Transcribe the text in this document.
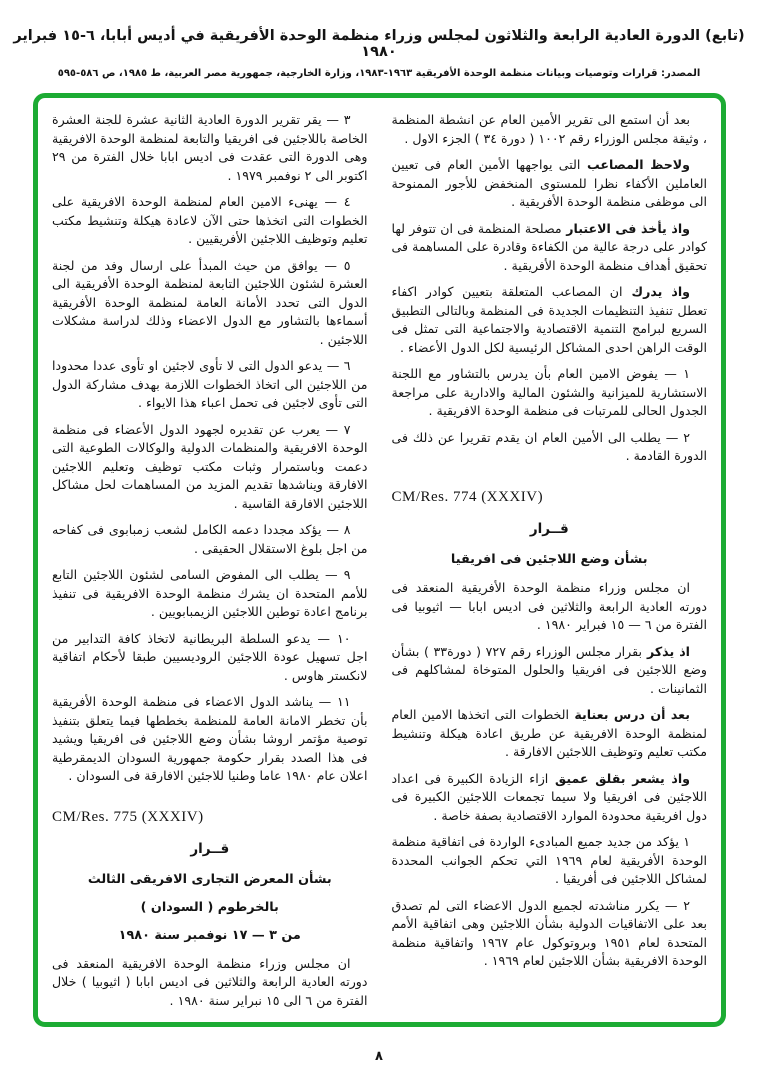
(تابع) الدورة العادية الرابعة والثلاثون لمجلس وزراء منظمة الوحدة الأفريقية في أديس أبابا، ٦-١٥ فبراير ١٩٨٠
المصدر: قرارات وتوصيات وبيانات منظمة الوحدة الأفريقية ١٩٦٣-١٩٨٣، وزارة الخارجية، جمهورية مصر العربية، ط ١٩٨٥، ص ٥٨٦-٥٩٥
بعد أن استمع الى تقرير الأمين العام عن انشطة المنظمة ، وثيقة مجلس الوزراء رقم ١٠٠٢ ( دورة ٣٤ ) الجزء الاول .
ولاحظ المصاعب التى يواجهها الأمين العام فى تعيين العاملين الأكفاء نظرا للمستوى المنخفض للأجور الممنوحة الى موظفى منظمة الوحدة الأفريقية .
واذ يأخذ فى الاعتبار مصلحة المنظمة فى ان تتوفر لها كوادر على درجة عالية من الكفاءة وقادرة على المساهمة فى تحقيق أهداف منظمة الوحدة الأفريقية .
واذ يدرك ان المصاعب المتعلقة بتعيين كوادر اكفاء تعطل تنفيذ التنظيمات الجديدة فى المنظمة وبالتالى التطبيق السريع لبرامج التنمية الاقتصادية والاجتماعية التى تمثل فى الوقت الراهن احدى المشاكل الرئيسية لكل الدول الأعضاء .
١ — يفوض الامين العام بأن يدرس بالتشاور مع اللجنة الاستشارية للميزانية والشئون المالية والادارية على مراجعة الجدول الحالى للمرتبات فى منظمة الوحدة الافريقية .
٢ — يطلب الى الأمين العام ان يقدم تقريرا عن ذلك فى الدورة القادمة .
CM/Res. 774 (XXXIV)
قــرار
بشأن وضع اللاجئين فى افريقيا
ان مجلس وزراء منظمة الوحدة الأفريقية المنعقد فى دورته العادية الرابعة والثلاثين فى اديس ابابا — اثيوبيا فى الفترة من ٦ — ١٥ فبراير ١٩٨٠ .
اذ يذكر بقرار مجلس الوزراء رقم ٧٢٧ ( دورة٣٣ ) بشأن وضع اللاجئين فى افريقيا والحلول المتوخاة لمشاكلهم فى الثمانينات .
بعد أن درس بعناية الخطوات التى اتخذها الامين العام لمنظمة الوحدة الافريقية عن طريق اعادة هيكلة وتنشيط مكتب تعليم وتوظيف اللاجئين الافارقة .
واذ يشعر بقلق عميق ازاء الزيادة الكبيرة فى اعداد اللاجئين فى افريقيا ولا سيما تجمعات اللاجئين الكبيرة فى دول افريقية محدودة الموارد الاقتصادية بصفة خاصة .
١ يؤكد من جديد جميع المبادىء الواردة فى اتفاقية منظمة الوحدة الأفريقية لعام ١٩٦٩ التي تحكم الجوانب المحددة لمشاكل اللاجئين فى أفريقيا .
٢ — يكرر مناشدته لجميع الدول الاعضاء التى لم تصدق بعد على الاتفاقيات الدولية بشأن اللاجئين وهى اتفاقية الأمم المتحدة لعام ١٩٥١ وبروتوكول عام ١٩٦٧ واتفاقية منظمة الوحدة الافريقية بشأن اللاجئين لعام ١٩٦٩ .
٣ — يقر تقرير الدورة العادية الثانية عشرة للجنة العشرة الخاصة باللاجئين فى افريقيا والتابعة لمنظمة الوحدة الافريقية وهى الدورة التى عقدت فى اديس ابابا خلال الفترة من ٢٩ اكتوبر الى ٢ نوفمبر ١٩٧٩ .
٤ — يهنىء الامين العام لمنظمة الوحدة الافريقية على الخطوات التى اتخذها حتى الآن لاعادة هيكلة وتنشيط مكتب تعليم وتوظيف اللاجئين الأفريقيين .
٥ — يوافق من حيث المبدأ على ارسال وفد من لجنة العشرة لشئون اللاجئين التابعة لمنظمة الوحدة الأفريقية الى الدول التى تحدد الأمانة العامة لمنظمة الوحدة الأفريقية أسماءها بالتشاور مع الدول الاعضاء وذلك لدراسة مشكلات اللاجئين .
٦ — يدعو الدول التى لا تأوى لاجئين او تأوى عددا محدودا من اللاجئين الى اتخاذ الخطوات اللازمة بهدف مشاركة الدول التى تأوى لاجئين فى تحمل اعباء هذا الايواء .
٧ — يعرب عن تقديره لجهود الدول الأعضاء فى منظمة الوحدة الافريقية والمنظمات الدولية والوكالات الطوعية التى دعمت وباستمرار وثبات مكتب توظيف وتعليم اللاجئين الافارقة ويناشدها تقديم المزيد من المساهمات لحل مشاكل اللاجئين الافارقة القاسية .
٨ — يؤكد مجددا دعمه الكامل لشعب زمبابوى فى كفاحه من اجل بلوغ الاستقلال الحقيقى .
٩ — يطلب الى المفوض السامى لشئون اللاجئين التابع للأمم المتحدة ان يشرك منظمة الوحدة الافريقية فى تنفيذ برنامج اعادة توطين اللاجئين الزيمبابويين .
١٠ — يدعو السلطة البريطانية لاتخاذ كافة التدابير من اجل تسهيل عودة اللاجئين الروديسيين طبقا لأحكام اتفاقية لانكستر هاوس .
١١ — يناشد الدول الاعضاء فى منظمة الوحدة الأفريقية بأن تخطر الامانة العامة للمنظمة بخططها فيما يتعلق بتنفيذ توصية مؤتمر اروشا بشأن وضع اللاجئين فى افريقيا ويشيد فى هذا الصدد بقرار حكومة جمهورية السودان الديمقرطية اعلان عام ١٩٨٠ عاما وطنيا للاجئين الافارقة فى السودان .
CM/Res. 775 (XXXIV)
قــرار
بشأن المعرض التجارى الافريقى الثالث
بالخرطوم ( السودان )
من ٣ — ١٧ نوفمبر سنة ١٩٨٠
ان مجلس وزراء منظمة الوحدة الافريقية المنعقد فى دورته العادية الرابعة والثلاثين فى اديس ابابا ( اثيوبيا ) خلال الفترة من ٦ الى ١٥ نبراير سنة ١٩٨٠ .
٨
